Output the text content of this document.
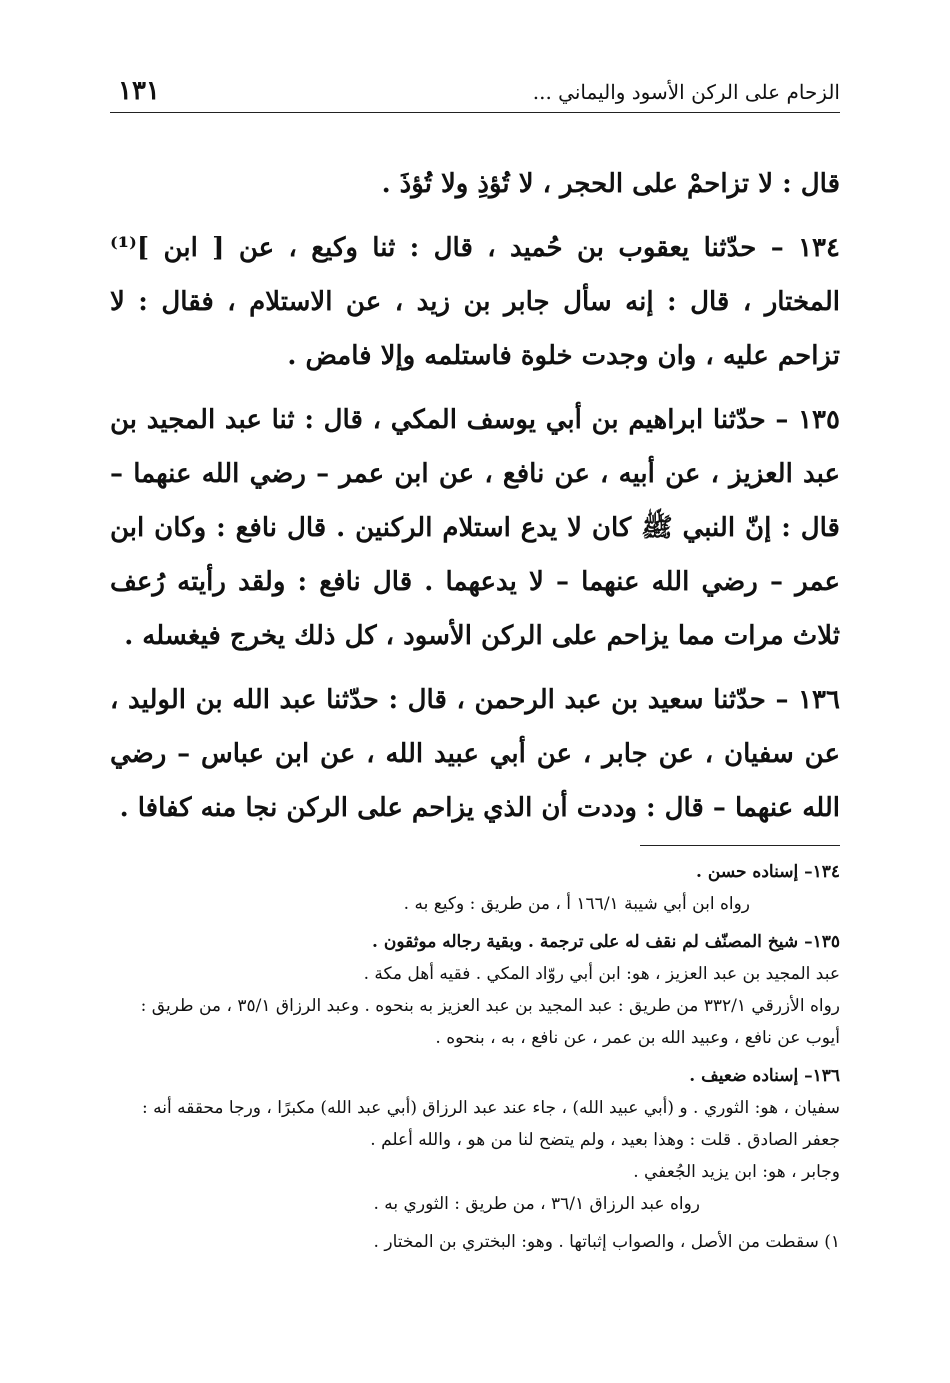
الزحام على الركن الأسود واليماني ...
١٣١

قال : لا تزاحمْ على الحجر ، لا تُؤذِ ولا تُؤذَ .

١٣٤ – حدّثنا يعقوب بن حُميد ، قال : ثنا وكيع ، عن [ ابن ]⁽¹⁾ المختار ، قال : إنه سأل جابر بن زيد ، عن الاستلام ، فقال : لا تزاحم عليه ، وان وجدت خلوة فاستلمه وإلا فامض .

١٣٥ – حدّثنا ابراهيم بن أبي يوسف المكي ، قال : ثنا عبد المجيد بن عبد العزيز ، عن أبيه ، عن نافع ، عن ابن عمر – رضي الله عنهما – قال : إنّ النبي ﷺ كان لا يدع استلام الركنين . قال نافع : وكان ابن عمر – رضي الله عنهما – لا يدعهما . قال نافع : ولقد رأيته رُعف ثلاث مرات مما يزاحم على الركن الأسود ، كل ذلك يخرج فيغسله .

١٣٦ – حدّثنا سعيد بن عبد الرحمن ، قال : حدّثنا عبد الله بن الوليد ، عن سفيان ، عن جابر ، عن أبي عبيد الله ، عن ابن عباس – رضي الله عنهما – قال : وددت أن الذي يزاحم على الركن نجا منه كفافا .

١٣٤– إسناده حسن .
رواه ابن أبي شيبة ١٦٦/١ أ ، من طريق : وكيع به .
١٣٥– شيخ المصنّف لم نقف له على ترجمة . وبقية رجاله موثقون .
عبد المجيد بن عبد العزيز ، هو: ابن أبي روّاد المكي . فقيه أهل مكة .
رواه الأزرقي ٣٣٢/١ من طريق : عبد المجيد بن عبد العزيز به بنحوه . وعبد الرزاق ٣٥/١ ، من طريق : أيوب عن نافع ، وعبيد الله بن عمر ، عن نافع ، به ، بنحوه .
١٣٦– إسناده ضعيف .
سفيان ، هو: الثوري . و (أبي عبيد الله) ، جاء عند عبد الرزاق (أبي عبد الله) مكبرًا ، ورجا محققه أنه : جعفر الصادق . قلت : وهذا بعيد ، ولم يتضح لنا من هو ، والله أعلم .
وجابر ، هو: ابن يزيد الجُعفي .
رواه عبد الرزاق ٣٦/١ ، من طريق : الثوري به .
١) سقطت من الأصل ، والصواب إثباتها . وهو: البختري بن المختار .
